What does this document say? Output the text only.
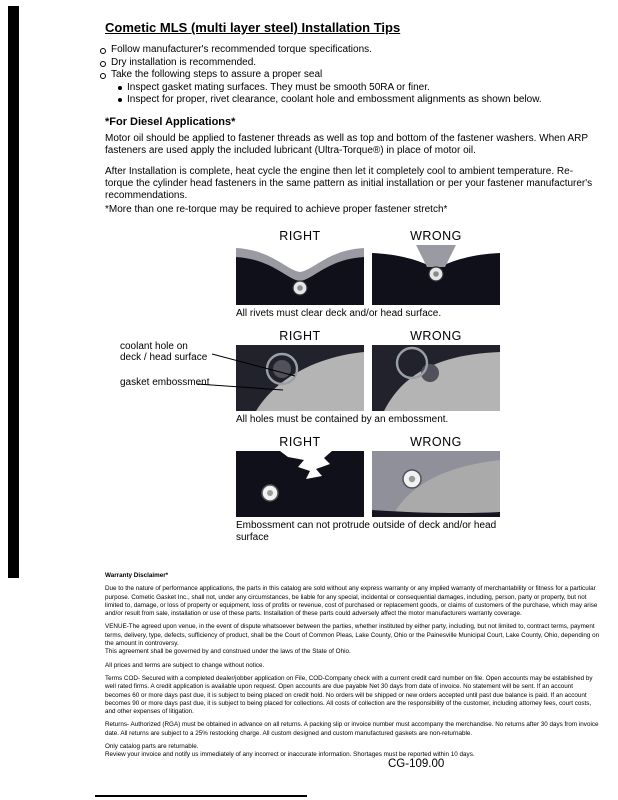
Cometic MLS (multi layer steel) Installation Tips
Follow manufacturer's recommended torque specifications.
Dry installation is recommended.
Take the following steps to assure a proper seal
Inspect gasket mating surfaces. They must be smooth 50RA or finer.
Inspect for proper, rivet clearance, coolant hole and embossment alignments as shown below.
*For Diesel Applications*

Motor oil should be applied to fastener threads as well as top and bottom of the fastener washers. When ARP fasteners are used apply the included lubricant (Ultra-Torque®) in place of motor oil.

After Installation is complete, heat cycle the engine then let it completely cool to ambient temperature. Re-torque the cylinder head fasteners in the same pattern as initial installation or per your fastener manufacturer's recommendations.

*More than one re-torque may be required to achieve proper fastener stretch*

RIGHT	WRONG
All rivets must clear deck and/or head surface.
RIGHT	WRONG
All holes must be contained by an embossment.
RIGHT	WRONG
Embossment can not protrude outside of deck and/or head surface
coolant hole on
deck / head surface
gasket embossment

Warranty Disclaimer*

Due to the nature of performance applications, the parts in this catalog are sold without any express warranty or any implied warranty of merchantability or fitness for a particular purpose. Cometic Gasket Inc., shall not, under any circumstances, be liable for any special, incidental or consequential damages, including, person, party or property, but not limited to, damage, or loss of property or equipment, loss of profits or revenue, cost of purchased or replacement goods, or claims of customers of the purchase, which may arise and/or result from sale, installation or use of these parts. Installation of these parts could adversely affect the motor manufacturers warranty coverage.

VENUE-The agreed upon venue, in the event of dispute whatsoever between the parties, whether instituted by either party, including, but not limited to, contract terms, payment terms, delivery, type, defects, sufficiency of product, shall be the Court of Common Pleas, Lake County, Ohio or the Painesville Municipal Court, Lake County, Ohio, depending on the amount in controversy.

This agreement shall be governed by and construed under the laws of the State of Ohio.

All prices and terms are subject to change without notice.

Terms COD- Secured with a completed dealer/jobber application on File, COD-Company check with a current credit card number on file. Open accounts may be established by well rated firms. A credit application is available upon request. Open accounts are due payable Net 30 days from date of invoice. No statement will be sent. If an account becomes 60 or more days past due, it is subject to being placed on credit hold. No orders will be shipped or new orders accepted until past due balance is paid. If an account becomes 90 or more days past due, it is subject to being placed for collections. All costs of collection are the responsibility of the customer, including attorney fees, court costs, and other expenses of litigation.

Returns- Authorized (RGA) must be obtained in advance on all returns. A packing slip or invoice number must accompany the merchandise. No returns after 30 days from invoice date. All returns are subject to a 25% restocking charge. All custom designed and custom manufactured gaskets are non-returnable.

Only catalog parts are returnable.

Review your invoice and notify us immediately of any incorrect or inaccurate information. Shortages must be reported within 10 days.

CG-109.00
